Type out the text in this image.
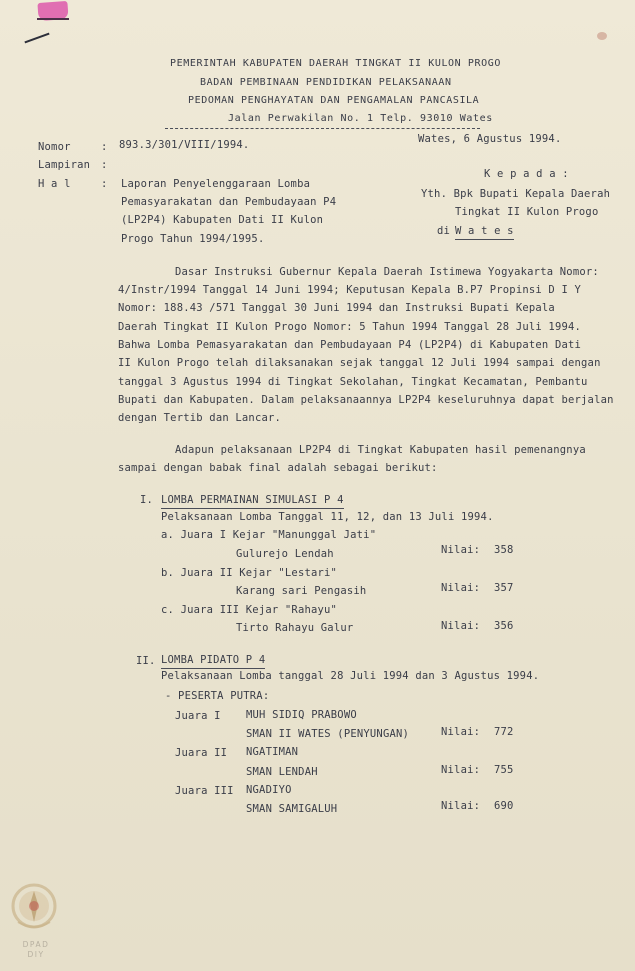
PEMERINTAH KABUPATEN DAERAH TINGKAT II KULON PROGO
BADAN PEMBINAAN PENDIDIKAN PELAKSANAAN
PEDOMAN PENGHAYATAN DAN PENGAMALAN PANCASILA
Jalan Perwakilan No. 1 Telp. 93010 Wates
Nomor	: 893.3/301/VIII/1994.
Lampiran :
H a l	: Laporan Penyelenggaraan Lomba
Pemasyarakatan dan Pembudayaan P4
(LP2P4) Kabupaten Dati II Kulon
Progo Tahun 1994/1995.
Wates, 6 Agustus 1994.
K e p a d a :
Yth. Bpk Bupati Kepala Daerah
Tingkat II Kulon Progo
di W a t e s
Dasar Instruksi Gubernur Kepala Daerah Istimewa Yogyakarta Nomor:
4/Instr/1994 Tanggal 14 Juni 1994; Keputusan Kepala B.P7 Propinsi D I Y
Nomor: 188.43 /571 Tanggal 30 Juni 1994 dan Instruksi Bupati Kepala
Daerah Tingkat II Kulon Progo Nomor: 5 Tahun 1994 Tanggal 28 Juli 1994.
Bahwa Lomba Pemasyarakatan dan Pembudayaan P4 (LP2P4) di Kabupaten Dati
II Kulon Progo telah dilaksanakan sejak tanggal 12 Juli 1994 sampai dengan
tanggal 3 Agustus 1994 di Tingkat Sekolahan, Tingkat Kecamatan, Pembantu
Bupati dan Kabupaten. Dalam pelaksanaannya LP2P4 keseluruhnya dapat berjalan
dengan Tertib dan Lancar.
Adapun pelaksanaan LP2P4 di Tingkat Kabupaten hasil pemenangnya
sampai dengan babak final adalah sebagai berikut:
I. LOMBA PERMAINAN SIMULASI P 4
Pelaksanaan Lomba Tanggal 11, 12, dan 13 Juli 1994.
a. Juara I Kejar "Manunggal Jati"
Gulurejo Lendah	Nilai: 358
b. Juara II Kejar "Lestari"
Karang sari Pengasih	Nilai: 357
c. Juara III Kejar "Rahayu"
Tirto Rahayu Galur	Nilai: 356
II. LOMBA PIDATO P 4
Pelaksanaan Lomba tanggal 28 Juli 1994 dan 3 Agustus 1994.
- PESERTA PUTRA:
Juara I MUH SIDIQ PRABOWO
SMAN II WATES (PENYUNGAN)	Nilai: 772
Juara II NGATIMAN
SMAN LENDAH	Nilai: 755
Juara III NGADIYO
SMAN SAMIGALUH	Nilai: 690
DPAD
DIY
